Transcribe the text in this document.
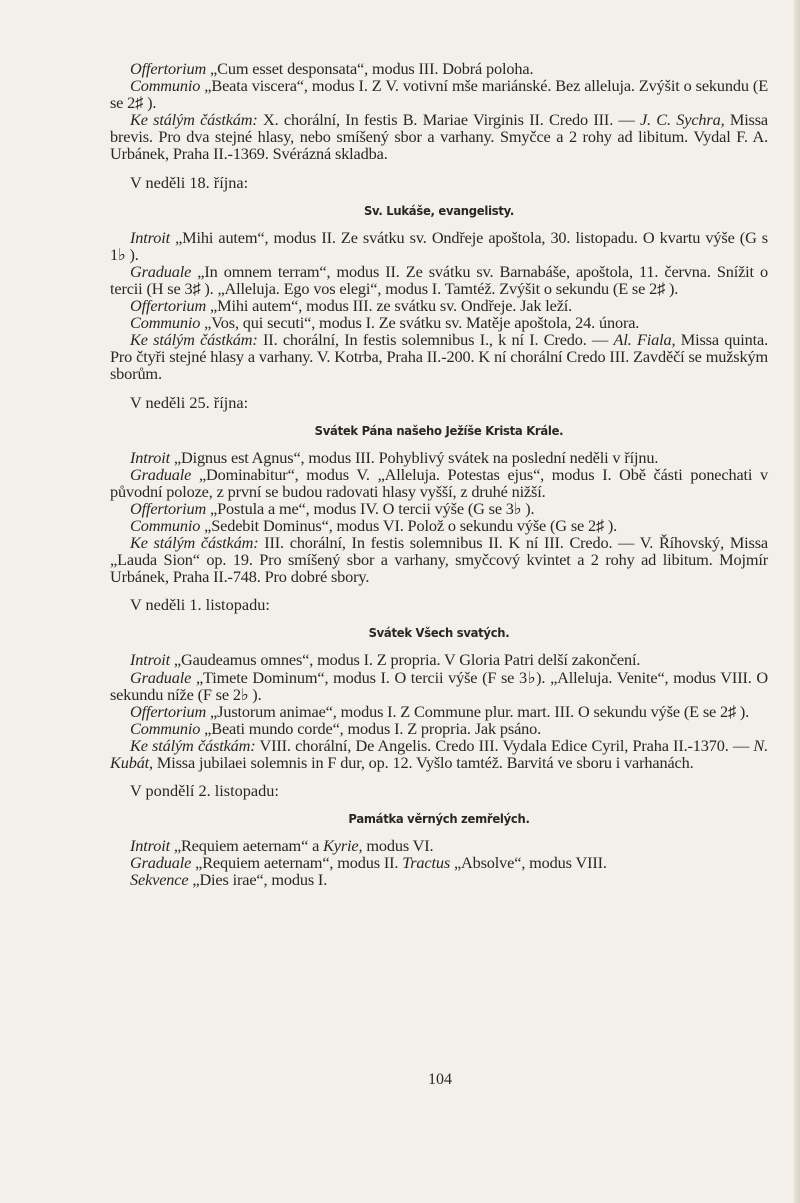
Offertorium „Cum esset desponsata“, modus III. Dobrá poloha.

Communio „Beata viscera“, modus I. Z V. votivní mše mariánské. Bez alleluja. Zvýšit o sekundu (E se 2♯ ).

Ke stálým částkám: X. chorální, In festis B. Mariae Virginis II. Credo III. — J. C. Sychra, Missa brevis. Pro dva stejné hlasy, nebo smíšený sbor a varhany. Smyčce a 2 rohy ad libitum. Vydal F. A. Urbánek, Praha II.-1369. Svérázná skladba.

V neděli 18. října:
Sv. Lukáše, evangelisty.

Introit „Mihi autem“, modus II. Ze svátku sv. Ondřeje apoštola, 30. listopadu. O kvartu výše (G s 1♭ ).

Graduale „In omnem terram“, modus II. Ze svátku sv. Barnabáše, apoštola, 11. června. Snížit o tercii (H se 3♯ ). „Alleluja. Ego vos elegi“, modus I. Tamtéž. Zvýšit o sekundu (E se 2♯ ).

Offertorium „Mihi autem“, modus III. ze svátku sv. Ondřeje. Jak leží.

Communio „Vos, qui secuti“, modus I. Ze svátku sv. Matěje apoštola, 24. února.

Ke stálým částkám: II. chorální, In festis solemnibus I., k ní I. Credo. — Al. Fiala, Missa quinta. Pro čtyři stejné hlasy a varhany. V. Kotrba, Praha II.-200. K ní chorální Credo III. Zavděčí se mužským sborům.

V neděli 25. října:
Svátek Pána našeho Ježíše Krista Krále.

Introit „Dignus est Agnus“, modus III. Pohyblivý svátek na poslední neděli v říjnu.

Graduale „Dominabitur“, modus V. „Alleluja. Potestas ejus“, modus I. Obě části ponechati v původní poloze, z první se budou radovati hlasy vyšší, z druhé nižší.

Offertorium „Postula a me“, modus IV. O tercii výše (G se 3♭ ).

Communio „Sedebit Dominus“, modus VI. Polož o sekundu výše (G se 2♯ ).

Ke stálým částkám: III. chorální, In festis solemnibus II. K ní III. Credo. — V. Říhovský, Missa „Lauda Sion“ op. 19. Pro smíšený sbor a varhany, smyčcový kvintet a 2 rohy ad libitum. Mojmír Urbánek, Praha II.-748. Pro dobré sbory.

V neděli 1. listopadu:
Svátek Všech svatých.

Introit „Gaudeamus omnes“, modus I. Z propria. V Gloria Patri delší zakončení.

Graduale „Timete Dominum“, modus I. O tercii výše (F se 3♭). „Alleluja. Venite“, modus VIII. O sekundu níže (F se 2♭ ).

Offertorium „Justorum animae“, modus I. Z Commune plur. mart. III. O sekundu výše (E se 2♯ ).

Communio „Beati mundo corde“, modus I. Z propria. Jak psáno.

Ke stálým částkám: VIII. chorální, De Angelis. Credo III. Vydala Edice Cyril, Praha II.-1370. — N. Kubát, Missa jubilaei solemnis in F dur, op. 12. Vyšlo tamtéž. Barvitá ve sboru i varhanách.

V pondělí 2. listopadu:
Památka věrných zemřelých.

Introit „Requiem aeternam“ a Kyrie, modus VI.

Graduale „Requiem aeternam“, modus II. Tractus „Absolve“, modus VIII.

Sekvence „Dies irae“, modus I.

104
